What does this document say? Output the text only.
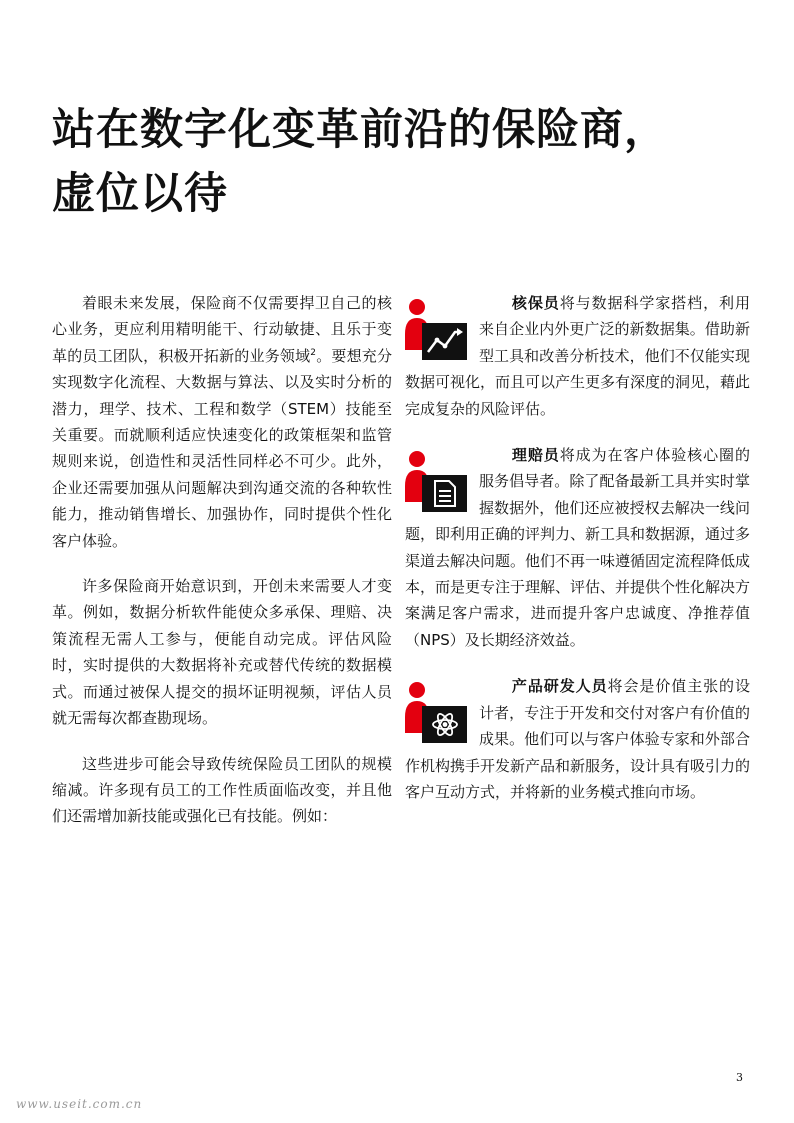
站在数字化变革前沿的保险商，
虚位以待

着眼未来发展，保险商不仅需要捍卫自己的核心业务，更应利用精明能干、行动敏捷、且乐于变革的员工团队，积极开拓新的业务领域$^2$。要想充分实现数字化流程、大数据与算法、以及实时分析的潜力，理学、技术、工程和数学（STEM）技能至关重要。而就顺利适应快速变化的政策框架和监管规则来说，创造性和灵活性同样必不可少。此外，企业还需要加强从问题解决到沟通交流的各种软性能力，推动销售增长、加强协作，同时提供个性化客户体验。

许多保险商开始意识到，开创未来需要人才变革。例如，数据分析软件能使众多承保、理赔、决策流程无需人工参与，便能自动完成。评估风险时，实时提供的大数据将补充或替代传统的数据模式。而通过被保人提交的损坏证明视频，评估人员就无需每次都查勘现场。

这些进步可能会导致传统保险员工团队的规模缩减。许多现有员工的工作性质面临改变，并且他们还需增加新技能或强化已有技能。例如：

核保员将与数据科学家搭档，利用来自企业内外更广泛的新数据集。借助新型工具和改善分析技术，他们不仅能实现数据可视化，而且可以产生更多有深度的洞见，藉此完成复杂的风险评估。
理赔员将成为在客户体验核心圈的服务倡导者。除了配备最新工具并实时掌握数据外，他们还应被授权去解决一线问题，即利用正确的评判力、新工具和数据源，通过多渠道去解决问题。他们不再一味遵循固定流程降低成本，而是更专注于理解、评估、并提供个性化解决方案满足客户需求，进而提升客户忠诚度、净推荐值（NPS）及长期经济效益。
产品研发人员将会是价值主张的设计者，专注于开发和交付对客户有价值的成果。他们可以与客户体验专家和外部合作机构携手开发新产品和新服务，设计具有吸引力的客户互动方式，并将新的业务模式推向市场。
3
www.useit.com.cn
